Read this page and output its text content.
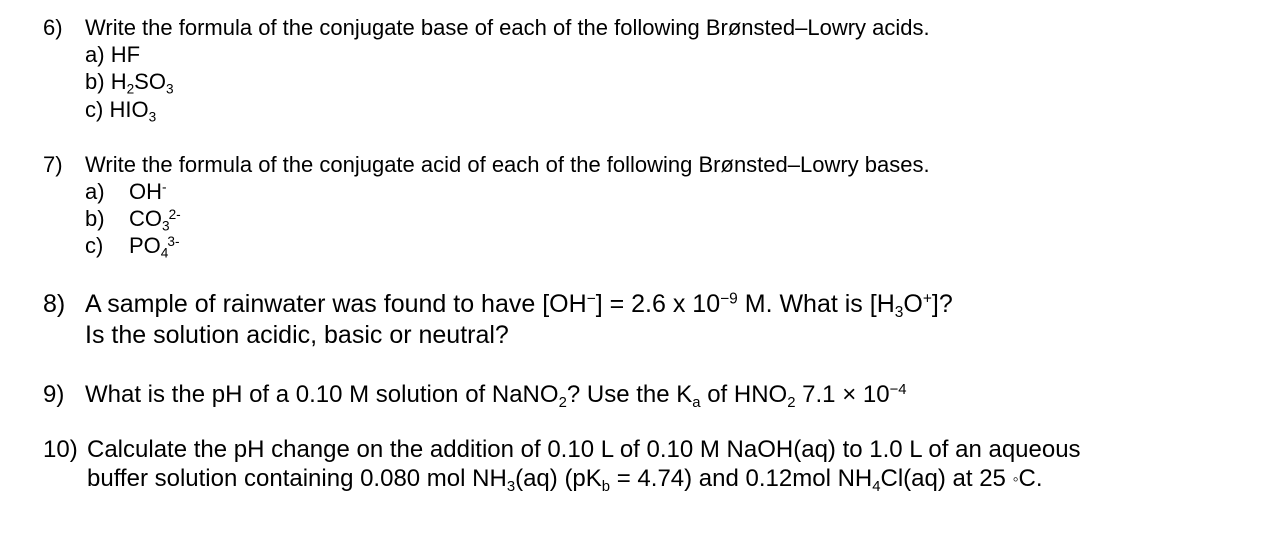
6) Write the formula of the conjugate base of each of the following Brønsted–Lowry acids.
a) HF
b) $H_2SO_3$
c) $HIO_3$
7) Write the formula of the conjugate acid of each of the following Brønsted–Lowry bases.
a) OH-
b) $CO_3^{2-}$
c) $PO_4^{3-}$
8) A sample of rainwater was found to have [OH−] = 2.6 x $10^{-9}$ M. What is $[H_3O^+]$?
Is the solution acidic, basic or neutral?
9) What is the pH of a 0.10 M solution of NaNO$_2$? Use the $K_a$ of $HNO_2$ $7.1 \times 10^{-4}$
10) Calculate the pH change on the addition of 0.10 L of 0.10 M NaOH(aq) to 1.0 L of an aqueous
buffer solution containing 0.080 mol $NH_3(aq) (pK_b = 4.74)$ and 0.12mol $NH_4Cl(aq)$ at 25 ◦C.
